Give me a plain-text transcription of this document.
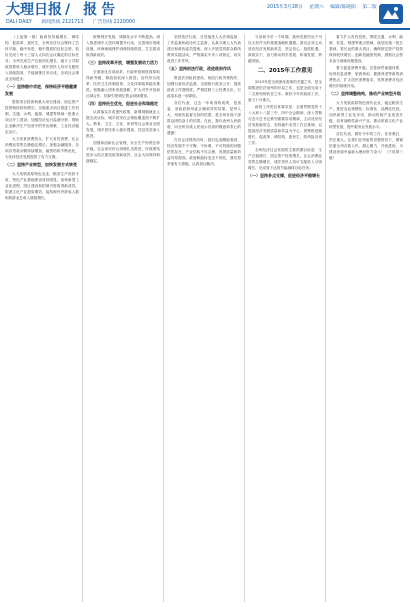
大理日报 / 报告
DALI DAILY 新闻热线 2121713 广告热线 2120000
2015年3月28日 星期六 编辑/陈晓阳 第二版

（上接第一版）政府坚持稳增长、调结构、促改革、惠民生，全州经济社会保持了总体平稳、稳中有进、稳中提质的良好态势，较好完成了州十三届人大四次会议确定的目标任务。全州完成生产总值同比增长，地方公共财政预算收入稳步增长，城乡居民人均可支配收入持续提高，节能减排任务完成，各项社会事业全面进步。

（一）坚持稳中求进，保持经济平稳健康发展

狠抓项目投资和重大项目建设，固定资产投资保持较快增长。实施重点项目推进工作机制，交通、水利、能源、城建等领域一批重大项目开工建设。加强经济运行监测分析，帮助企业解决生产经营中的突出困难，工业经济稳定运行。

大力培育消费热点，扩大有效消费，社会消费品零售总额稳定增长。加强金融服务，各项存贷款余额持续增加，融资结构不断优化，为实体经济发展提供了有力支撑。

（二）坚持产业转型，加快发展方式转变

大力发展高原特色农业，粮食生产再获丰收，特色产业基地建设成效明显。加快新型工业化进程，园区建设和招商引资取得新成效。旅游文化产业提质增效，接待海内外游客人数和旅游业总收入继续增长。

统筹城乡发展，城镇化水平不断提高。深入推进城乡人居环境提升行动，完善城市基础设施，洱海流域保护治理持续推进，生态建设取得新成效。

（三）坚持改革开放，增强发展动力活力

全面深化各项改革，行政审批制度改革取得新突破，简政放权深入推进。农村综合改革、医药卫生体制改革、文化体制改革稳步推进。积极融入国家发展战略，扩大对外开放和区域合作，招商引资到位资金持续增加。

（四）坚持民生优先，促进社会和谐稳定

认真落实各项惠民政策，新增城镇就业人数完成目标，城乡居民社会保险覆盖面不断扩大。教育、卫生、文化、体育等社会事业全面发展，城乡居民收入稳步提高，扶贫攻坚深入推进。

加强和创新社会管理，安全生产形势总体平稳，社会治安综合治理扎实推进，民族团结进步示范区建设取得新成效，社会大局保持和谐稳定。

坚持依法行政，自觉接受人大法律监督、工作监督和政协民主监督，认真办理人大代表建议和政协委员提案。深入开展党的群众路线教育实践活动，严格落实中央八项规定，切实改进工作作风。

（五）坚持依法行政，改进政府作风

推进法治政府建设，规范行政决策程序，加强行政执法监督。全面推行政务公开，提高政府工作透明度。严格控制三公经费支出，行政成本进一步降低。

各位代表，过去一年取得的成绩，是省委、省政府和州委正确领导的结果，是州人大、州政协监督支持的结果，是全州各族干部群众团结奋斗的结果。在此，我代表州人民政府，向全州各族人民表示崇高的敬意和衷心的感谢！

在肯定成绩的同时，我们也清醒地看到，经济发展中不平衡、不协调、不可持续的问题依然存在，产业结构不尽合理，发展质量和效益有待提高，政府职能转变还不到位，我们将采取有力措施，认真加以解决。

当前和今后一个时期，我州发展仍处于可以大有作为的重要战略机遇期。我们必须主动适应经济发展新常态，坚定信心，抢抓机遇，真抓实干，奋力推动科学发展、和谐发展、跨越发展。

二、2015年工作意见

2015年是全面深化改革的关键之年，是全面推进依法治州的开局之年，也是全面完成十二五规划的收官之年。做好今年的政府工作，意义十分重大。

政府工作的总体要求是：全面贯彻党的十八大和十八届三中、四中全会精神，深入贯彻习近平总书记系列重要讲话精神，主动适应经济发展新常态，坚持稳中求进工作总基调，以提高经济发展质量和效益为中心，统筹推进稳增长、促改革、调结构、惠民生、防风险各项工作。

全州经济社会发展的主要预期目标是：生产总值增长，固定资产投资增长，社会消费品零售总额增长，城乡居民人均可支配收入分别增长，完成省下达的节能减排目标任务。

（一）坚持多点支撑，促进经济平稳增长

着力扩大有效投资。围绕交通、水利、能源、信息、城建等重点领域，谋划实施一批打基础、管长远的重大项目，确保固定资产投资保持较快增长。创新投融资机制，鼓励社会资本参与基础设施建设。

着力促进消费升级。完善商贸流通体系，培育信息消费、旅游休闲、健康养老等新的消费热点，扩大居民消费需求，发挥消费对经济增长的基础作用。

（二）坚持调整结构，推动产业转型升级

大力发展高原特色现代农业，稳定粮食生产，推进农业规模化、标准化、品牌化经营。加快新型工业化步伐，推动传统产业改造升级，培育战略性新兴产业。推动旅游文化产业转型发展，提升服务业发展水平。

各位代表，做好今年的工作，任务艰巨，责任重大。让我们在州委的坚强领导下，紧紧依靠全州各族人民，凝心聚力，开拓进取，为建设美丽幸福新大理而努力奋斗！（下转第三版）
